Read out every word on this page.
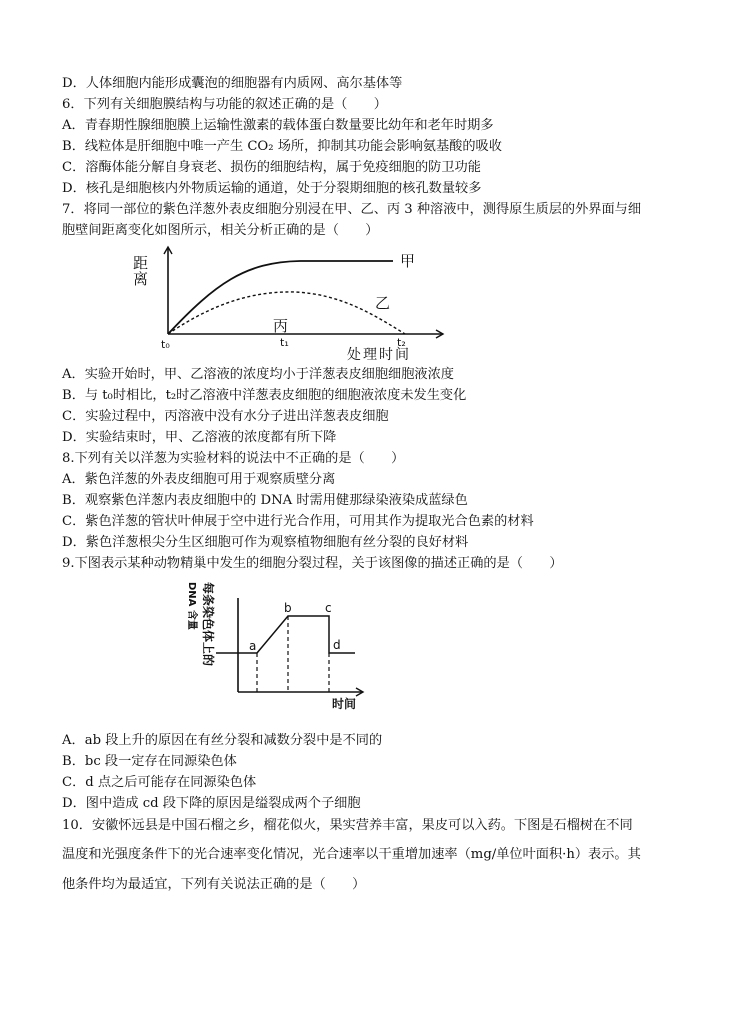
D．人体细胞内能形成囊泡的细胞器有内质网、高尔基体等
6．下列有关细胞膜结构与功能的叙述正确的是（　　）
A．青春期性腺细胞膜上运输性激素的载体蛋白数量要比幼年和老年时期多
B．线粒体是肝细胞中唯一产生 CO₂ 场所，抑制其功能会影响氨基酸的吸收
C．溶酶体能分解自身衰老、损伤的细胞结构，属于免疫细胞的防卫功能
D．核孔是细胞核内外物质运输的通道，处于分裂期细胞的核孔数量较多
7．将同一部位的紫色洋葱外表皮细胞分别浸在甲、乙、丙 3 种溶液中，测得原生质层的外界面与细
胞壁间距离变化如图所示，相关分析正确的是（　　）
距
离
甲
乙
丙
t₀	t₁	t₂
处理时间
A．实验开始时，甲、乙溶液的浓度均小于洋葱表皮细胞细胞液浓度
B．与 t₀时相比，t₂时乙溶液中洋葱表皮细胞的细胞液浓度未发生变化
C．实验过程中，丙溶液中没有水分子进出洋葱表皮细胞
D．实验结束时，甲、乙溶液的浓度都有所下降
8.下列有关以洋葱为实验材料的说法中不正确的是（　　）
A．紫色洋葱的外表皮细胞可用于观察质壁分离
B．观察紫色洋葱内表皮细胞中的 DNA 时需用健那绿染液染成蓝绿色
C．紫色洋葱的管状叶伸展于空中进行光合作用，可用其作为提取光合色素的材料
D．紫色洋葱根尖分生区细胞可作为观察植物细胞有丝分裂的良好材料
9.下图表示某种动物精巢中发生的细胞分裂过程，关于该图像的描述正确的是（　　）
每条染色体上的
DNA 含量
a
b	c
d
时间
A．ab 段上升的原因在有丝分裂和减数分裂中是不同的
B．bc 段一定存在同源染色体
C．d 点之后可能存在同源染色体
D．图中造成 cd 段下降的原因是缢裂成两个子细胞
10．安徽怀远县是中国石榴之乡，榴花似火，果实营养丰富，果皮可以入药。下图是石榴树在不同
温度和光强度条件下的光合速率变化情况，光合速率以干重增加速率（mg/单位叶面积·h）表示。其
他条件均为最适宜，下列有关说法正确的是（　　）
